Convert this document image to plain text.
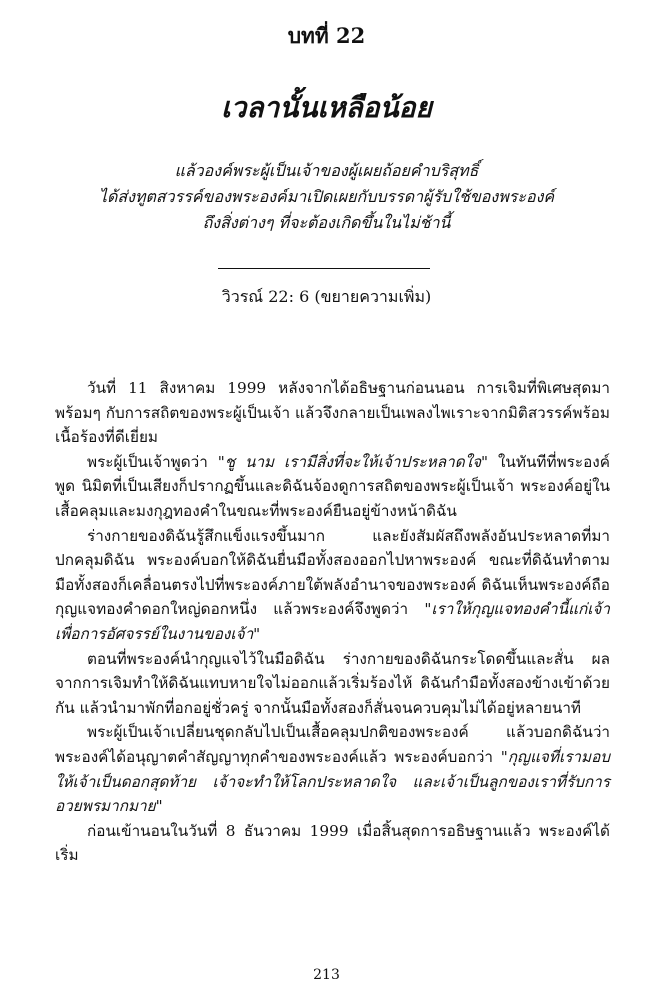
บทที่ 22
เวลานั้นเหลือน้อย
แล้วองค์พระผู้เป็นเจ้าของผู้เผยถ้อยคำบริสุทธิ์
ได้ส่งทูตสวรรค์ของพระองค์มาเปิดเผยกับบรรดาผู้รับใช้ของพระองค์
ถึงสิ่งต่างๆ ที่จะต้องเกิดขึ้นในไม่ช้านี้
วิวรณ์ 22: 6 (ขยายความเพิ่ม)

วันที่ 11 สิงหาคม 1999 หลังจากได้อธิษฐานก่อนนอน การเจิมที่พิเศษสุดมาพร้อมๆ กับการสถิตของพระผู้เป็นเจ้า แล้วจึงกลายเป็นเพลงไพเราะจากมิติสวรรค์พร้อมเนื้อร้องที่ดีเยี่ยม

พระผู้เป็นเจ้าพูดว่า "ชู นาม เรามีสิ่งที่จะให้เจ้าประหลาดใจ" ในทันทีที่พระองค์พูด นิมิตที่เป็นเสียงก็ปรากฏขึ้นและดิฉันจ้องดูการสถิตของพระผู้เป็นเจ้า พระองค์อยู่ในเสื้อคลุมและมงกุฎทองคำในขณะที่พระองค์ยืนอยู่ข้างหน้าดิฉัน

ร่างกายของดิฉันรู้สึกแข็งแรงขึ้นมาก และยังสัมผัสถึงพลังอันประหลาดที่มาปกคลุมดิฉัน พระองค์บอกให้ดิฉันยื่นมือทั้งสองออกไปหาพระองค์ ขณะที่ดิฉันทำตาม มือทั้งสองก็เคลื่อนตรงไปที่พระองค์ภายใต้พลังอำนาจของพระองค์ ดิฉันเห็นพระองค์ถือกุญแจทองคำดอกใหญ่ดอกหนึ่ง แล้วพระองค์จึงพูดว่า "เราให้กุญแจทองคำนี้แก่เจ้าเพื่อการอัศจรรย์ในงานของเจ้า"

ตอนที่พระองค์นำกุญแจไว้ในมือดิฉัน ร่างกายของดิฉันกระโดดขึ้นและสั่น ผลจากการเจิมทำให้ดิฉันแทบหายใจไม่ออกแล้วเริ่มร้องไห้ ดิฉันกำมือทั้งสองข้างเข้าด้วยกัน แล้วนำมาพักที่อกอยู่ชั่วครู่ จากนั้นมือทั้งสองก็สั่นจนควบคุมไม่ได้อยู่หลายนาที

พระผู้เป็นเจ้าเปลี่ยนชุดกลับไปเป็นเสื้อคลุมปกติของพระองค์ แล้วบอกดิฉันว่าพระองค์ได้อนุญาตคำสัญญาทุกคำของพระองค์แล้ว พระองค์บอกว่า "กุญแจที่เรามอบให้เจ้าเป็นดอกสุดท้าย เจ้าจะทำให้โลกประหลาดใจ และเจ้าเป็นลูกของเราที่รับการอวยพรมากมาย"

ก่อนเข้านอนในวันที่ 8 ธันวาคม 1999 เมื่อสิ้นสุดการอธิษฐานแล้ว พระองค์ได้เริ่ม

213
